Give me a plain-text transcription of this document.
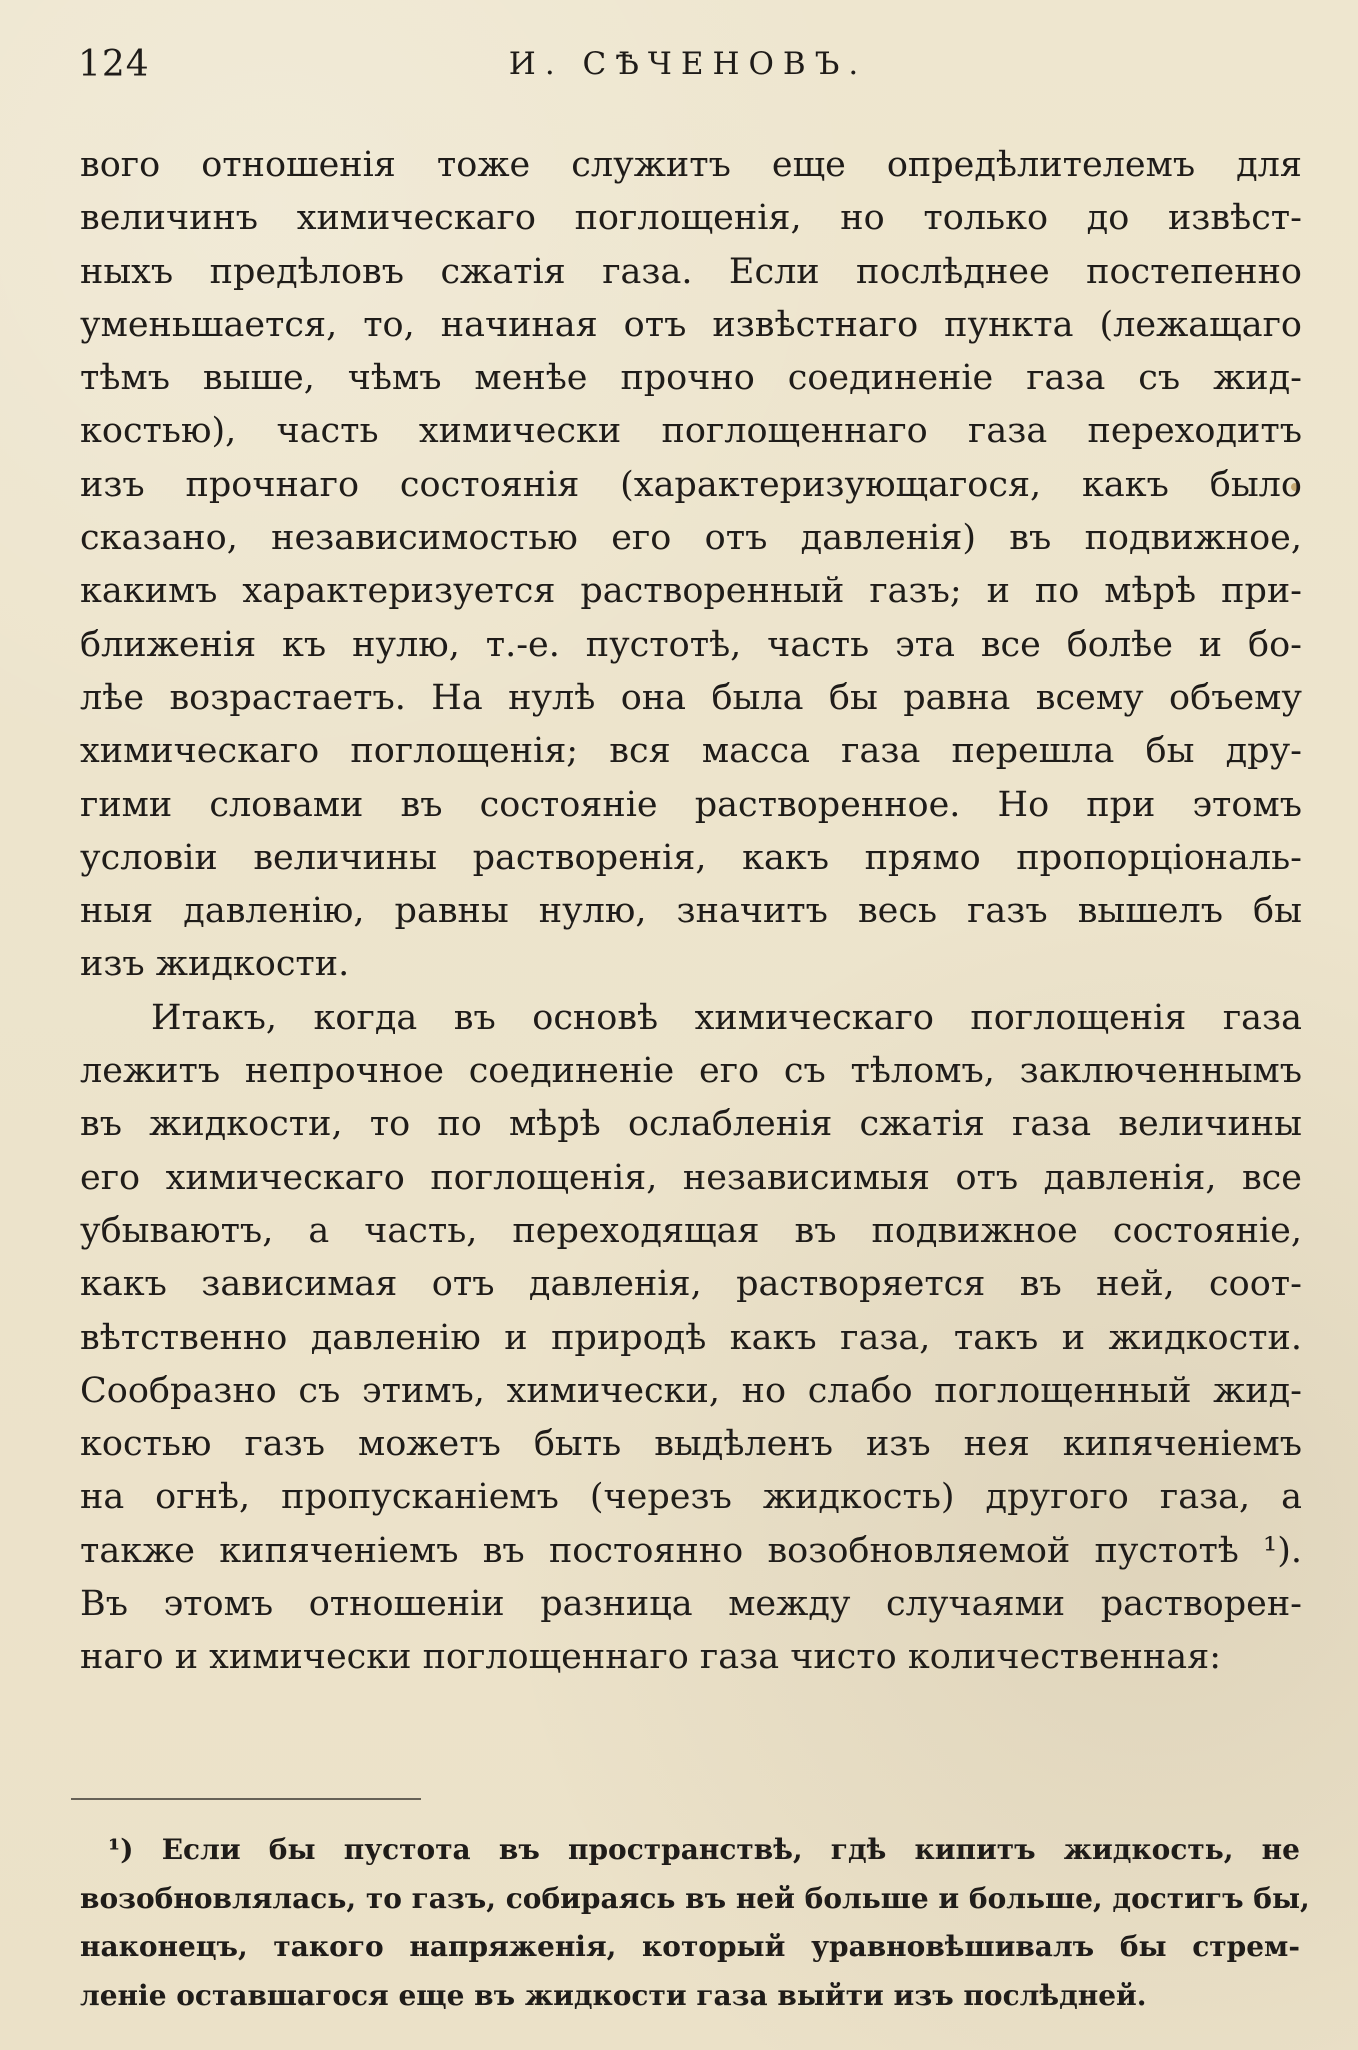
124	И. СѢЧЕНОВЪ.
вого отношенія тоже служитъ еще опредѣлителемъ для
величинъ химическаго поглощенія, но только до извѣст-
ныхъ предѣловъ сжатія газа. Если послѣднее постепенно
уменьшается, то, начиная отъ извѣстнаго пункта (лежащаго
тѣмъ выше, чѣмъ менѣе прочно соединеніе газа съ жид-
костью), часть химически поглощеннаго газа переходитъ
изъ прочнаго состоянія (характеризующагося, какъ было
сказано, независимостью его отъ давленія) въ подвижное,
какимъ характеризуется растворенный газъ; и по мѣрѣ при-
ближенія къ нулю, т.-е. пустотѣ, часть эта все болѣе и бо-
лѣе возрастаетъ. На нулѣ она была бы равна всему объему
химическаго поглощенія; вся масса газа перешла бы дру-
гими словами въ состояніе растворенное. Но при этомъ
условіи величины растворенія, какъ прямо пропорціональ-
ныя давленію, равны нулю, значитъ весь газъ вышелъ бы
изъ жидкости.
Итакъ, когда въ основѣ химическаго поглощенія газа
лежитъ непрочное соединеніе его съ тѣломъ, заключеннымъ
въ жидкости, то по мѣрѣ ослабленія сжатія газа величины
его химическаго поглощенія, независимыя отъ давленія, все
убываютъ, а часть, переходящая въ подвижное состояніе,
какъ зависимая отъ давленія, растворяется въ ней, соот-
вѣтственно давленію и природѣ какъ газа, такъ и жидкости.
Сообразно съ этимъ, химически, но слабо поглощенный жид-
костью газъ можетъ быть выдѣленъ изъ нея кипяченіемъ
на огнѣ, пропусканіемъ (черезъ жидкость) другого газа, а
также кипяченіемъ въ постоянно возобновляемой пустотѣ ¹).
Въ этомъ отношеніи разница между случаями растворен-
наго и химически поглощеннаго газа чисто количественная:
¹) Если бы пустота въ пространствѣ, гдѣ кипитъ жидкость, не
возобновлялась, то газъ, собираясь въ ней больше и больше, достигъ бы,
наконецъ, такого напряженія, который уравновѣшивалъ бы стрем-
леніе оставшагося еще въ жидкости газа выйти изъ послѣдней.
